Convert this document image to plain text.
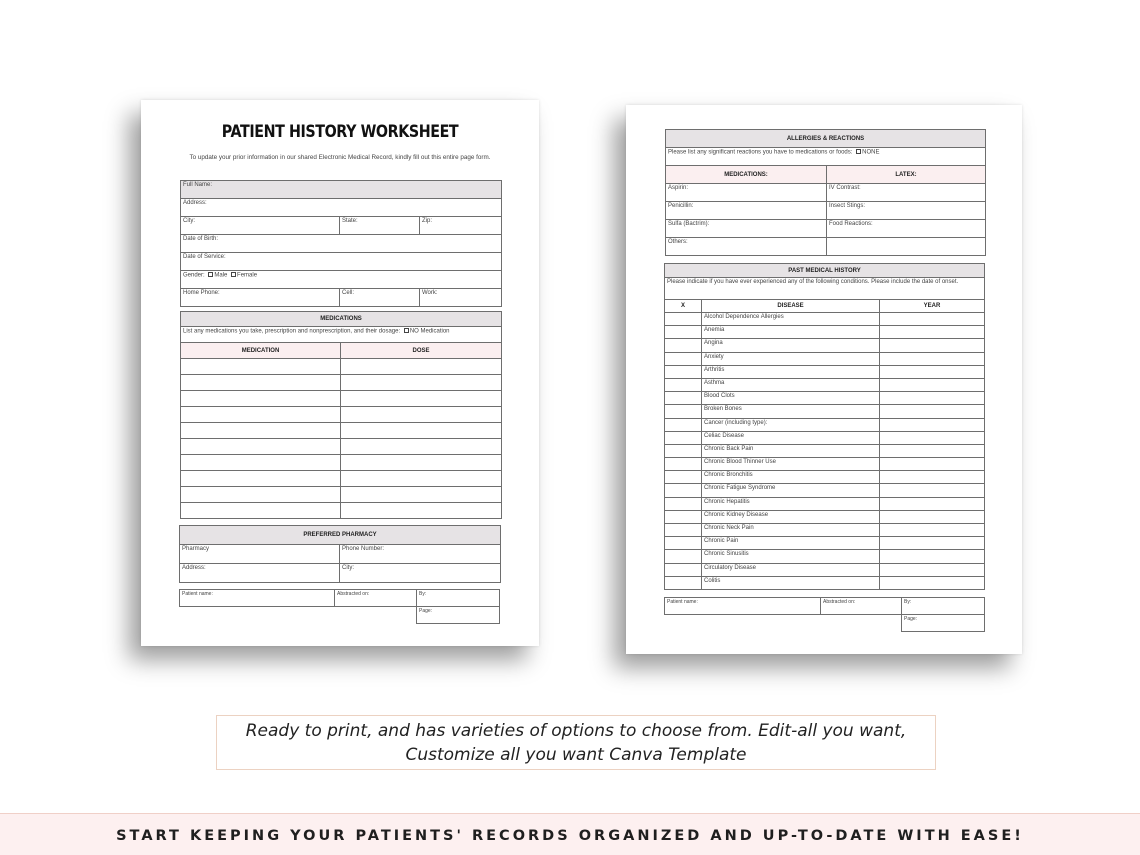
PATIENT HISTORY WORKSHEET
To update your prior information in our shared Electronic Medical Record, kindly fill out this entire page form.
Full Name:		
Address:		
City:	State:	Zip:
Date of Birth:		
Date of Service:		
Gender: Male Female		
Home Phone:	Cell:	Work:
MEDICATIONS	
List any medications you take, prescription and nonprescription, and their dosage: NO Medication	
MEDICATION	DOSE

PREFERRED PHARMACY	
Pharmacy	Phone Number:
Address:	City:
Patient name:	Abstracted on:	By:
		Page:
ALLERGIES & REACTIONS	
Please list any significant reactions you have to medications or foods: NONE	
MEDICATIONS:	LATEX:
Aspirin:	IV Contrast:
Penicillin:	Insect Stings:
Sulfa (Bactrim):	Food Reactions:
Others:	
PAST MEDICAL HISTORY		
Please indicate if you have ever experienced any of the following conditions. Please include the date of onset.		
X	DISEASE	YEAR
	Alcohol Dependence Allergies	
	Anemia	
	Angina	
	Anxiety	
	Arthritis	
	Asthma	
	Blood Clots	
	Broken Bones	
	Cancer (including type):	
	Celiac Disease	
	Chronic Back Pain	
	Chronic Blood Thinner Use	
	Chronic Bronchitis	
	Chronic Fatigue Syndrome	
	Chronic Hepatitis	
	Chronic Kidney Disease	
	Chronic Neck Pain	
	Chronic Pain	
	Chronic Sinusitis	
	Circulatory Disease	
	Colitis	
Patient name:	Abstracted on:	By:
		Page:
Ready to print, and has varieties of options to choose from. Edit-all you want,
Customize all you want Canva Template
START KEEPING YOUR PATIENTS' RECORDS ORGANIZED AND UP-TO-DATE WITH EASE!
